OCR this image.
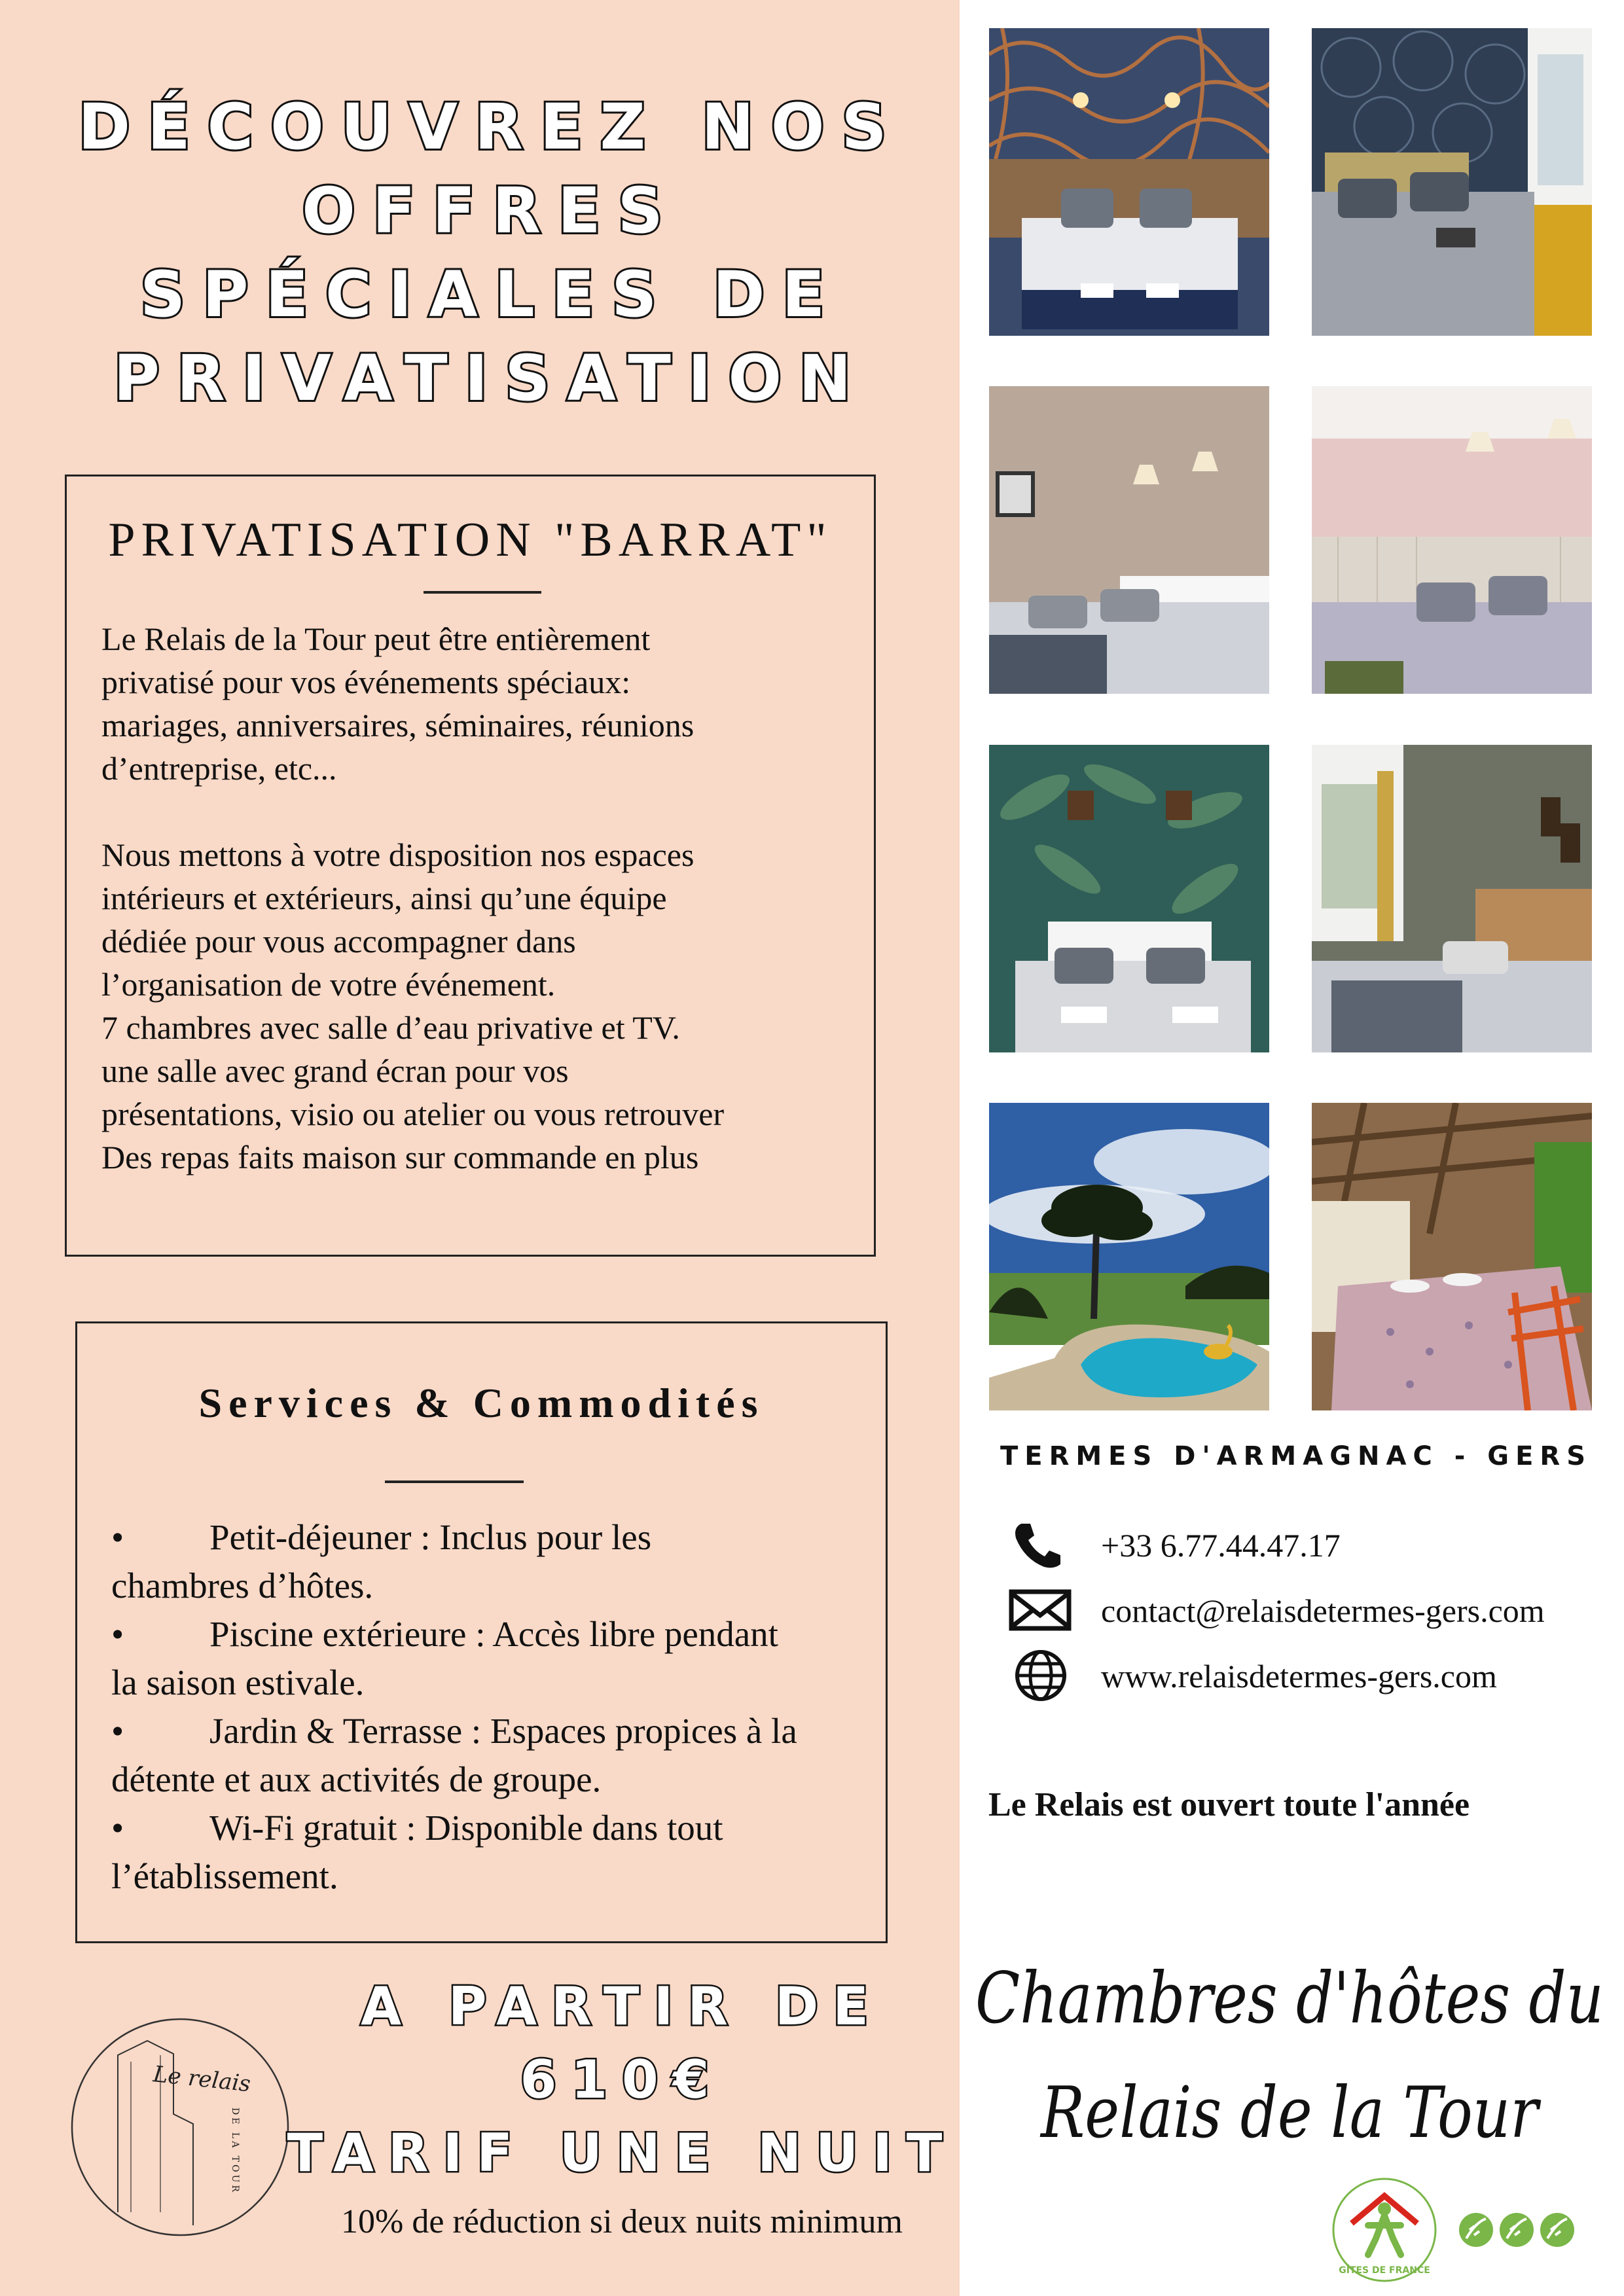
DÉCOUVREZ NOS
OFFRES
SPÉCIALES DE
PRIVATISATION
PRIVATISATION "BARRAT"
Le Relais de la Tour peut être entièrement
privatisé pour vos événements spéciaux:
mariages, anniversaires, séminaires, réunions
d’entreprise, etc...

Nous mettons à votre disposition nos espaces
intérieurs et extérieurs, ainsi qu’une équipe
dédiée pour vous accompagner dans
l’organisation de votre événement.
7 chambres avec salle d’eau privative et TV.
une salle avec grand écran pour vos
présentations, visio ou atelier ou vous retrouver
Des repas faits maison sur commande en plus
Services & Commodités
• Petit-déjeuner : Inclus pour les
chambres d’hôtes.
• Piscine extérieure : Accès libre pendant
la saison estivale.
• Jardin & Terrasse : Espaces propices à la
détente et aux activités de groupe.
• Wi-Fi gratuit : Disponible dans tout
l’établissement.
Le relais
DE LA TOUR
A PARTIR DE
610€
TARIF UNE NUIT
10% de réduction si deux nuits minimum
TERMES D'ARMAGNAC - GERS
+33 6.77.44.47.17
contact@relaisdetermes-gers.com
www.relaisdetermes-gers.com
Le Relais est ouvert toute l'année
Chambres d'hôtes du
Relais de la Tour
GÎTES DE FRANCE
